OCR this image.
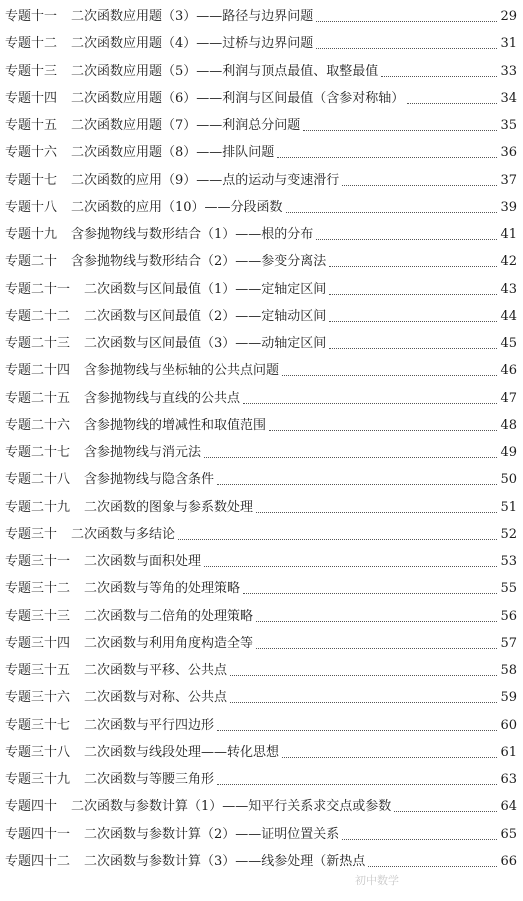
专题十一 二次函数应用题（3）——路径与边界问题	29
专题十二 二次函数应用题（4）——过桥与边界问题	31
专题十三 二次函数应用题（5）——利润与顶点最值、取整最值	33
专题十四 二次函数应用题（6）——利润与区间最值（含参对称轴）	34
专题十五 二次函数应用题（7）——利润总分问题	35
专题十六 二次函数应用题（8）——排队问题	36
专题十七 二次函数的应用（9）——点的运动与变速滑行	37
专题十八 二次函数的应用（10）——分段函数	39
专题十九 含参抛物线与数形结合（1）——根的分布	41
专题二十 含参抛物线与数形结合（2）——参变分离法	42
专题二十一 二次函数与区间最值（1）——定轴定区间	43
专题二十二 二次函数与区间最值（2）——定轴动区间	44
专题二十三 二次函数与区间最值（3）——动轴定区间	45
专题二十四 含参抛物线与坐标轴的公共点问题	46
专题二十五 含参抛物线与直线的公共点	47
专题二十六 含参抛物线的增减性和取值范围	48
专题二十七 含参抛物线与消元法	49
专题二十八 含参抛物线与隐含条件	50
专题二十九 二次函数的图象与参系数处理	51
专题三十 二次函数与多结论	52
专题三十一 二次函数与面积处理	53
专题三十二 二次函数与等角的处理策略	55
专题三十三 二次函数与二倍角的处理策略	56
专题三十四 二次函数与利用角度构造全等	57
专题三十五 二次函数与平移、公共点	58
专题三十六 二次函数与对称、公共点	59
专题三十七 二次函数与平行四边形	60
专题三十八 二次函数与线段处理——转化思想	61
专题三十九 二次函数与等腰三角形	63
专题四十 二次函数与参数计算（1）——知平行关系求交点或参数	64
专题四十一 二次函数与参数计算（2）——证明位置关系	65
专题四十二 二次函数与参数计算（3）——线参处理（新热点	66
初中数学
